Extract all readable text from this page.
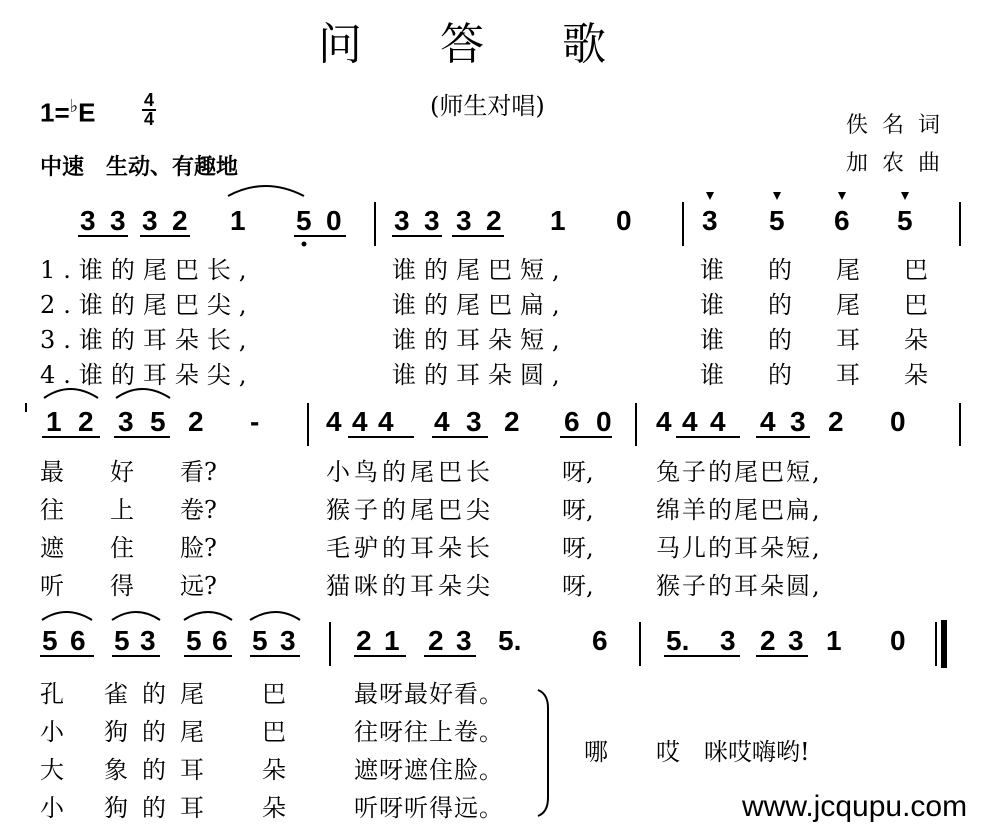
问 答 歌
(师生对唱)
1=♭E	4
4
中速　生动、有趣地
佚名词
加农曲
3 3 3 2 1 5 0 3 3 3 2 1 0	3 5 6 5
1.谁的尾巴长,	谁的尾巴短,	谁的尾巴
2.谁的尾巴尖,	谁的尾巴扁,	谁的尾巴
3.谁的耳朵长,	谁的耳朵短,	谁的耳朵
4.谁的耳朵尖,	谁的耳朵圆,	谁的耳朵
1 2 3 5 2 - 4 4 4 4 3 2 6 0 4 4 4 4 3 2 0
最 好 看?	小鸟的尾巴长	呀,	兔子的尾巴短,
往 上 卷?	猴子的尾巴尖	呀,	绵羊的尾巴扁,
遮 住 脸?	毛驴的耳朵长	呀,	马儿的耳朵短,
听 得 远?	猫咪的耳朵尖	呀,	猴子的耳朵圆,
5 6 5 3 5 6 5 3 2 1 2 3 5.	6 5. 3 2 3 1 0
孔 雀的尾 巴	最呀最好看。
小 狗的尾 巴	往呀往上卷。
大 象的耳 朵	遮呀遮住脸。
小 狗的耳 朵	听呀听得远。
哪　　哎　咪哎嗨哟!
www.jcqupu.com
